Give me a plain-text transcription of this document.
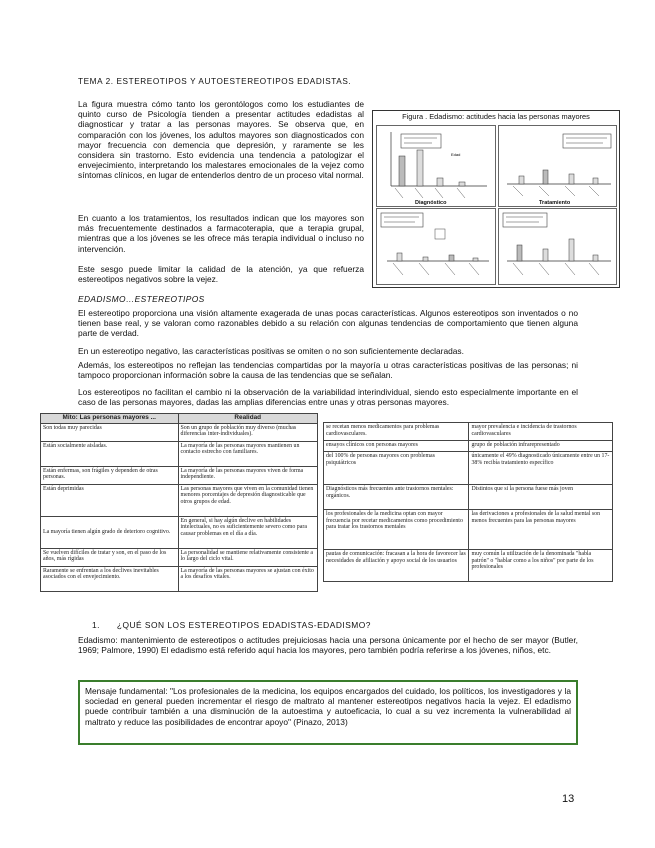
TEMA 2. ESTEREOTIPOS Y AUTOESTEREOTIPOS EDADISTAS.
La figura muestra cómo tanto los gerontólogos como los estudiantes de quinto curso de Psicología tienden a presentar actitudes edadistas al diagnosticar y tratar a las personas mayores. Se observa que, en comparación con los jóvenes, los adultos mayores son diagnosticados con mayor frecuencia con demencia que depresión, y raramente se les considera sin trastorno. Esto evidencia una tendencia a patologizar el envejecimiento, interpretando los malestares emocionales de la vejez como síntomas clínicos, en lugar de entenderlos dentro de un proceso vital normal.
En cuanto a los tratamientos, los resultados indican que los mayores son más frecuentemente destinados a farmacoterapia, que a terapia grupal, mientras que a los jóvenes se les ofrece más terapia individual o incluso no intervención.
Este sesgo puede limitar la calidad de la atención, ya que refuerza estereotipos negativos sobre la vejez.
Figura . Edadismo: actitudes hacia las personas mayores
Edad
Diagnóstico	Tratamiento
EDADISMO…ESTEREOTIPOS
El estereotipo proporciona una visión altamente exagerada de unas pocas características. Algunos estereotipos son inventados o no tienen base real, y se valoran como razonables debido a su relación con algunas tendencias de comportamiento que tienen alguna parte de verdad.
En un estereotipo negativo, las características positivas se omiten o no son suficientemente declaradas.
Además, los estereotipos no reflejan las tendencias compartidas por la mayoría u otras características positivas de las personas; ni tampoco proporcionan información sobre la causa de las tendencias que se señalan.
Los estereotipos no facilitan el cambio ni la observación de la variabilidad interindividual, siendo esto especialmente importante en el caso de las personas mayores, dadas las amplias diferencias entre unas y otras personas mayores.
Mito: Las personas mayores ...	Realidad
Son todas muy parecidas	Son un grupo de población muy diverso (muchas diferencias inter-individuales).
Están socialmente aisladas.	La mayoría de las personas mayores mantienen un contacto estrecho con familiares.
Están enfermas, son frágiles y dependen de otras personas.	La mayoría de las personas mayores viven de forma independiente.
Están deprimidas	Las personas mayores que viven en la comunidad tienen menores porcentajes de depresión diagnosticable que otros grupos de edad.
La mayoría tienen algún grado de deterioro cognitivo.	En general, si hay algún declive en habilidades intelectuales, no es suficientemente severo como para causar problemas en el día a día.
Se vuelven difíciles de tratar y son, en el paso de los años, más rígidas	La personalidad se mantiene relativamente consistente a lo largo del ciclo vital.
Raramente se enfrentan a los declives inevitables asociados con el envejecimiento.	La mayoría de las personas mayores se ajustan con éxito a los desafíos vitales.
se recetan menos medicamentos para problemas cardiovasculares.	mayor prevalencia e incidencia de trastornos cardiovasculares
ensayos clínicos con personas mayores	grupo de población infrarepresentado
del 100% de personas mayores con problemas psiquiátricos	únicamente el 49% diagnosticado únicamente entre un 17-38% recibía tratamiento específico
Diagnósticos más frecuentes ante trastornos mentales: orgánicos.	Distintos que si la persona fuese más joven
los profesionales de la medicina optan con mayor frecuencia por recetar medicamentos como procedimiento para tratar los trastornos mentales	las derivaciones a profesionales de la salud mental son menos frecuentes para las personas mayores
pautas de comunicación: fracasan a la hora de favorecer las necesidades de afiliación y apoyo social de los usuarios	muy común la utilización de la denominada "habla patrón" o "hablar como a los niños" por parte de los profesionales
1. ¿QUÉ SON LOS ESTEREOTIPOS EDADISTAS-EDADISMO?
Edadismo: mantenimiento de estereotipos o actitudes prejuiciosas hacia una persona únicamente por el hecho de ser mayor (Butler, 1969; Palmore, 1990) El edadismo está referido aquí hacia los mayores, pero también podría referirse a los jóvenes, niños, etc.
Mensaje fundamental: "Los profesionales de la medicina, los equipos encargados del cuidado, los políticos, los investigadores y la sociedad en general pueden incrementar el riesgo de maltrato al mantener estereotipos negativos hacia la vejez. El edadismo puede contribuir también a una disminución de la autoestima y autoeficacia, lo cual a su vez incrementa la vulnerabilidad al maltrato y reduce las posibilidades de encontrar apoyo" (Pinazo, 2013)
13
